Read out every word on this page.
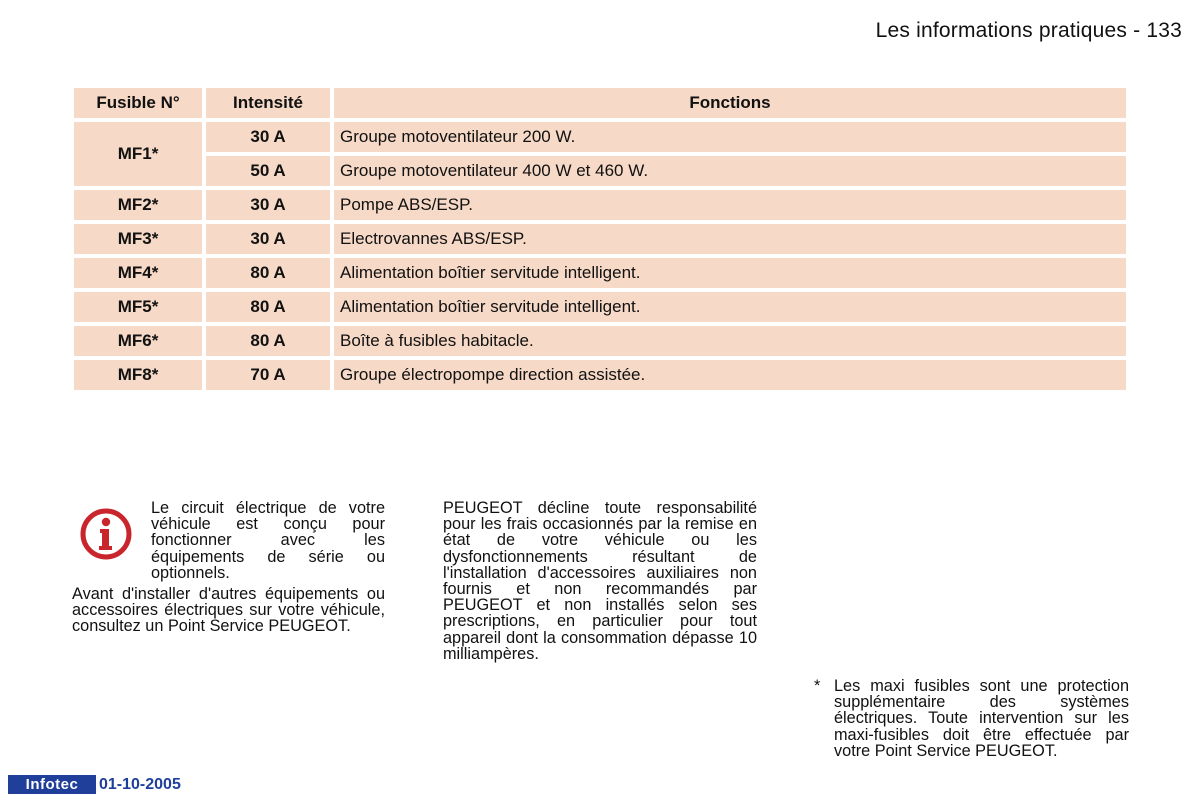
Les informations pratiques - 133
Fusible N°	Intensité	Fonctions
MF1*	30 A	Groupe motoventilateur 200 W.
	50 A	Groupe motoventilateur 400 W et 460 W.
MF2*	30 A	Pompe ABS/ESP.
MF3*	30 A	Electrovannes ABS/ESP.
MF4*	80 A	Alimentation boîtier servitude intelligent.
MF5*	80 A	Alimentation boîtier servitude intelligent.
MF6*	80 A	Boîte à fusibles habitacle.
MF8*	70 A	Groupe électropompe direction assistée.
Le circuit électrique de votre véhicule est conçu pour fonctionner avec les équipements de série ou optionnels.
Avant d'installer d'autres équipements ou accessoires électriques sur votre véhicule, consultez un Point Service PEUGEOT.
PEUGEOT décline toute responsabilité pour les frais occasionnés par la remise en état de votre véhicule ou les dysfonctionnements résultant de l'installation d'accessoires auxiliaires non fournis et non recommandés par PEUGEOT et non installés selon ses prescriptions, en particulier pour tout appareil dont la consommation dépasse 10 milliampères.
* Les maxi fusibles sont une protection supplémentaire des systèmes électriques. Toute intervention sur les maxi-fusibles doit être effectuée par votre Point Service PEUGEOT.
Infotec	01-10-2005
